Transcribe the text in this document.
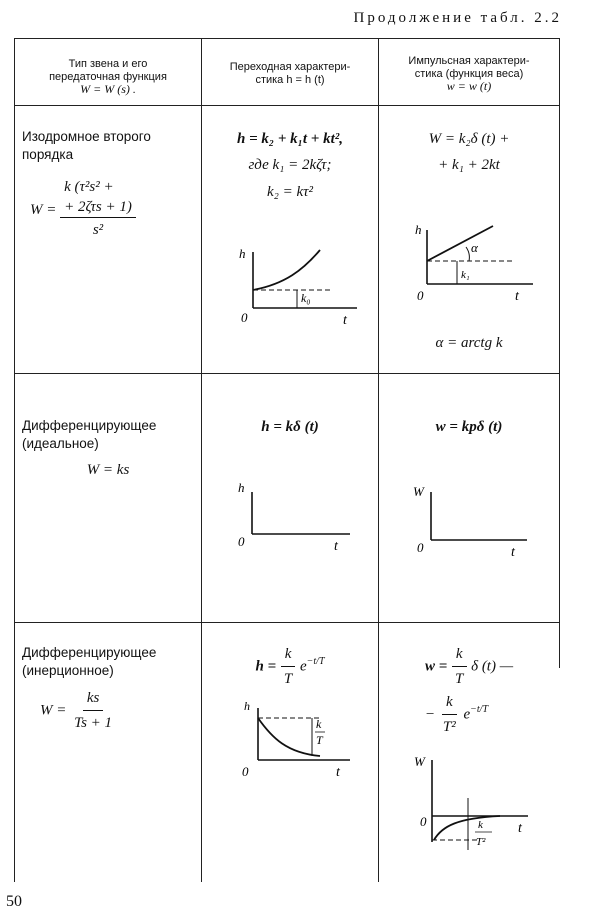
Продолжение табл. 2.2
Тип звена и его
передаточная функция
W = W (s) .
Переходная характери-
стика h = h (t)
Импульсная характери-
стика (функция веса)
w = w (t)
Изодромное второго порядка
W =
k (τ²s² +
+ 2ζτs + 1)
s²
h = k₂ + k₁t + kt²,
где k₁ = 2kζτ;
k₂ = kτ²
h
t
0
k₀
W = k₂δ (t) +
+ k₁ + 2kt
h
t
0
α
k₁
α = arctg k
Дифференцирующее (идеальное)
W = ks
h = kδ (t)
h
t
0
w = kpδ (t)
W
t
0
Дифференцирующее (инерционное)
$W = \frac{ks}{Ts + 1}$
$h = \frac{k}{T} e^{-t/T}$
h
t
0
k
T
$w = \frac{k}{T}$ δ (t) —
− $\frac{k}{\text{T²}} e^{-t/T}$
W
t
0	k
T²
50
